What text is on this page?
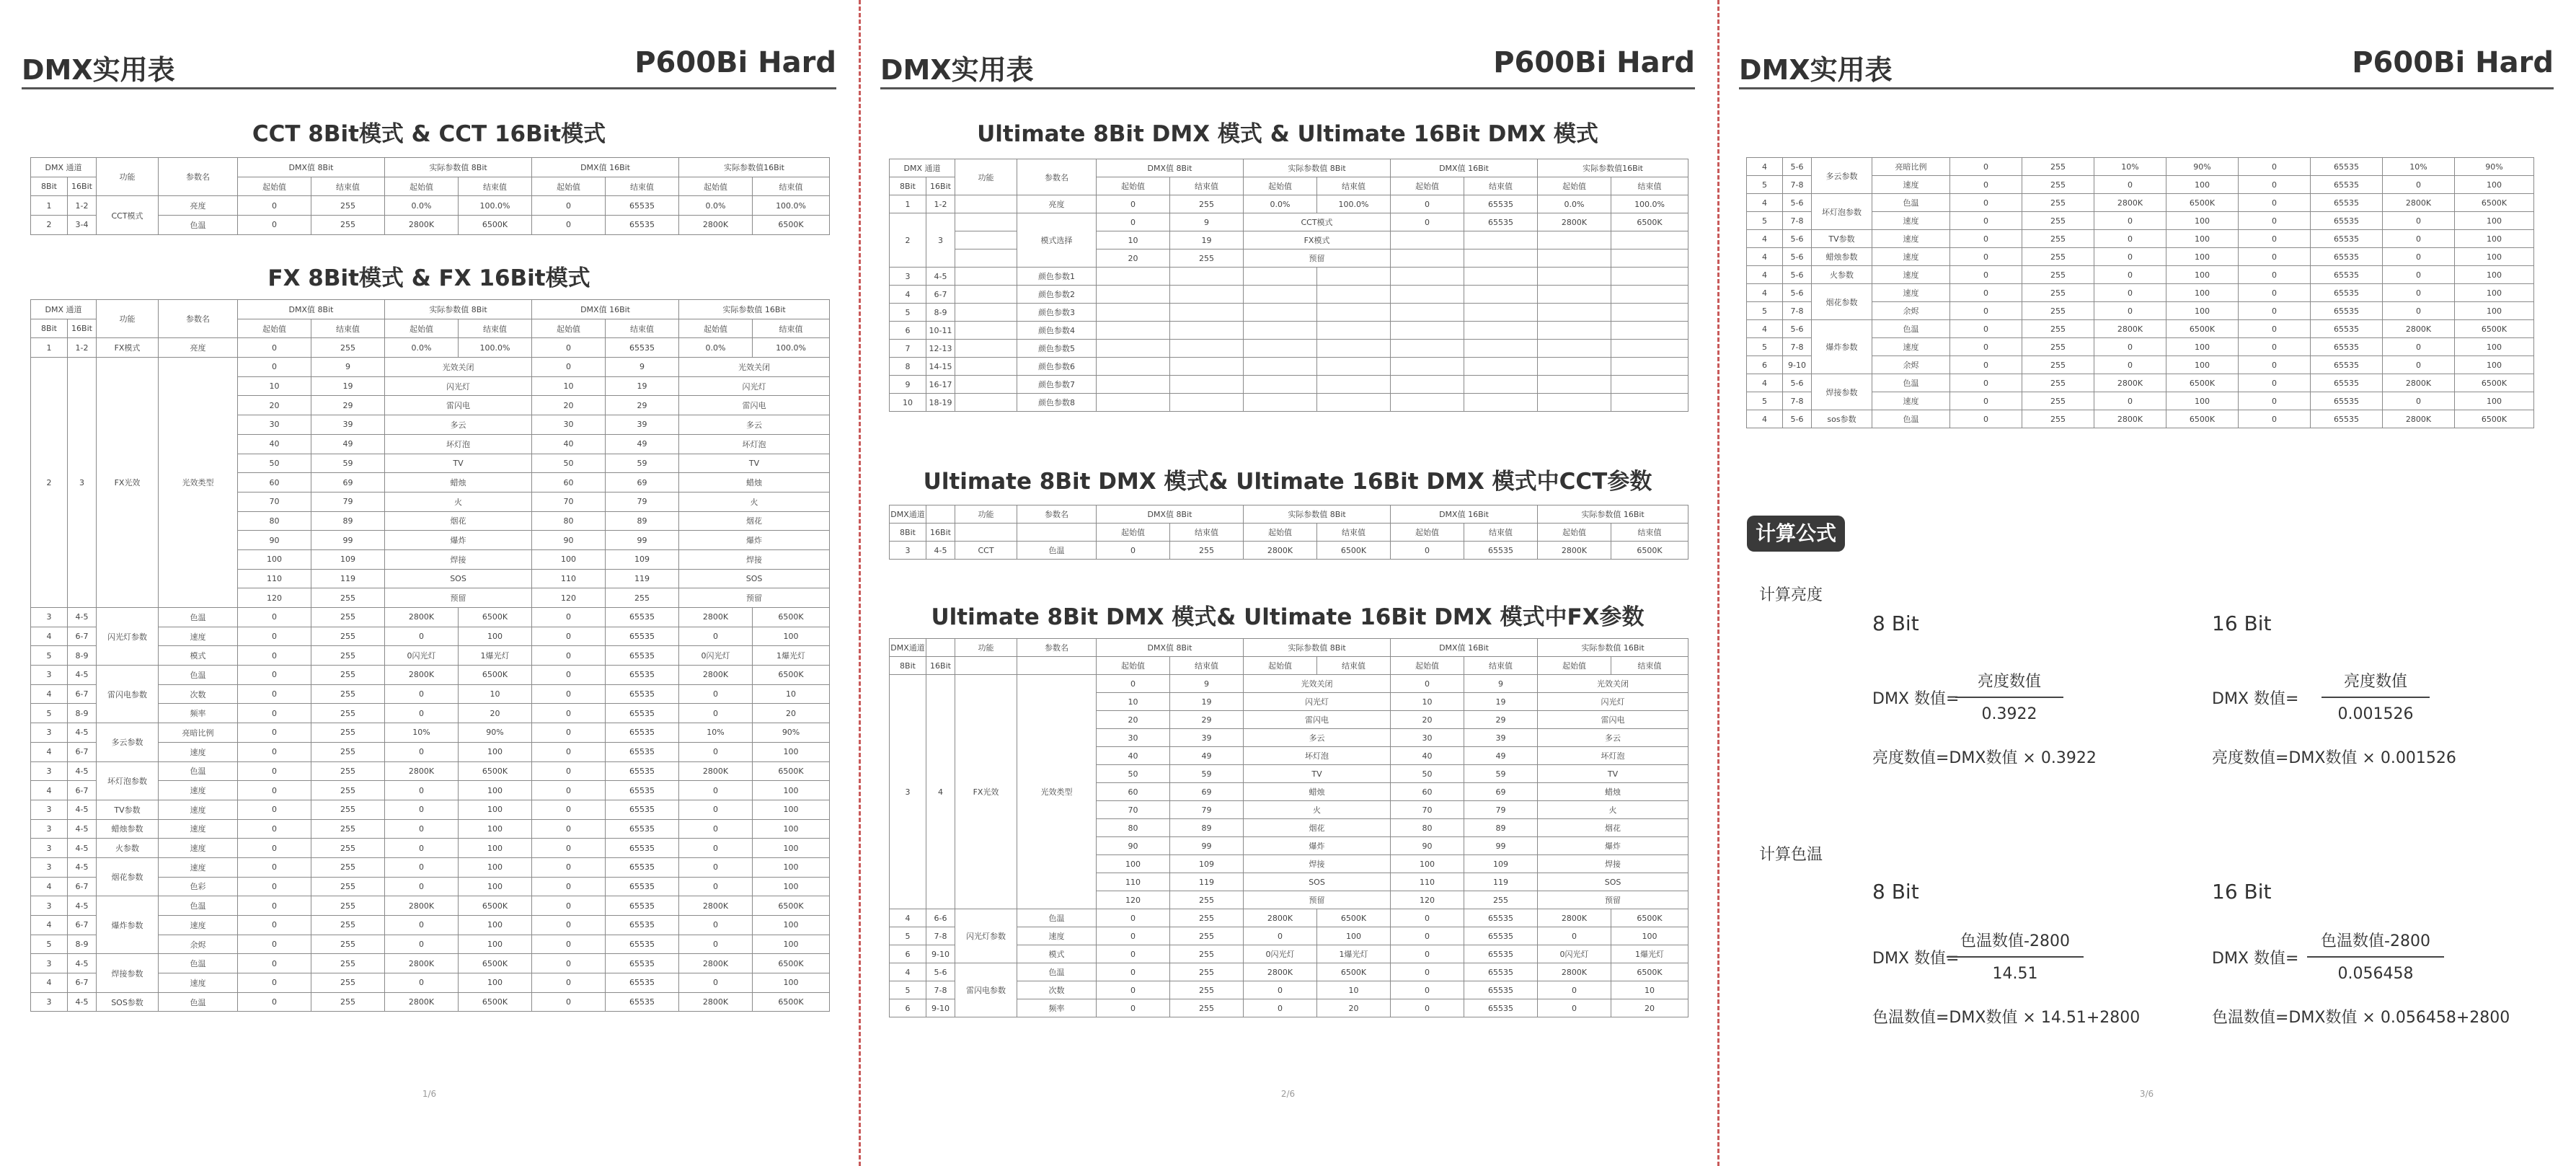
DMX实用表	P600Bi Hard
CCT 8Bit模式 & CCT 16Bit模式
DMX 通道		功能	参数名	DMX值 8Bit		实际参数值 8Bit		DMX值 16Bit		实际参数值16Bit	
8Bit	16Bit			起始值	结束值	起始值	结束值	起始值	结束值	起始值	结束值
1	1-2	CCT模式	亮度	0	255	0.0%	100.0%	0	65535	0.0%	100.0%
2	3-4		色温	0	255	2800K	6500K	0	65535	2800K	6500K
FX 8Bit模式 & FX 16Bit模式
DMX 通道		功能	参数名	DMX值 8Bit		实际参数值 8Bit		DMX值 16Bit		实际参数值 16Bit	
8Bit	16Bit			起始值	结束值	起始值	结束值	起始值	结束值	起始值	结束值
1	1-2	FX模式	亮度	0	255	0.0%	100.0%	0	65535	0.0%	100.0%
2	3	FX光效	光效类型	0	9	光效关闭		0	9	光效关闭	
				10	19	闪光灯		10	19	闪光灯	
				20	29	雷闪电		20	29	雷闪电	
				30	39	多云		30	39	多云	
				40	49	坏灯泡		40	49	坏灯泡	
				50	59	TV		50	59	TV	
				60	69	蜡烛		60	69	蜡烛	
				70	79	火		70	79	火	
				80	89	烟花		80	89	烟花	
				90	99	爆炸		90	99	爆炸	
				100	109	焊接		100	109	焊接	
				110	119	SOS		110	119	SOS	
				120	255	预留		120	255	预留	
3	4-5	闪光灯参数	色温	0	255	2800K	6500K	0	65535	2800K	6500K
4	6-7		速度	0	255	0	100	0	65535	0	100
5	8-9		模式	0	255	0闪光灯	1爆光灯	0	65535	0闪光灯	1爆光灯
3	4-5	雷闪电参数	色温	0	255	2800K	6500K	0	65535	2800K	6500K
4	6-7		次数	0	255	0	10	0	65535	0	10
5	8-9		频率	0	255	0	20	0	65535	0	20
3	4-5	多云参数	亮暗比例	0	255	10%	90%	0	65535	10%	90%
4	6-7		速度	0	255	0	100	0	65535	0	100
3	4-5	坏灯泡参数	色温	0	255	2800K	6500K	0	65535	2800K	6500K
4	6-7		速度	0	255	0	100	0	65535	0	100
3	4-5	TV参数	速度	0	255	0	100	0	65535	0	100
3	4-5	蜡烛参数	速度	0	255	0	100	0	65535	0	100
3	4-5	火参数	速度	0	255	0	100	0	65535	0	100
3	4-5	烟花参数	速度	0	255	0	100	0	65535	0	100
4	6-7		色彩	0	255	0	100	0	65535	0	100
3	4-5	爆炸参数	色温	0	255	2800K	6500K	0	65535	2800K	6500K
4	6-7		速度	0	255	0	100	0	65535	0	100
5	8-9		余烬	0	255	0	100	0	65535	0	100
3	4-5	焊接参数	色温	0	255	2800K	6500K	0	65535	2800K	6500K
4	6-7		速度	0	255	0	100	0	65535	0	100
3	4-5	SOS参数	色温	0	255	2800K	6500K	0	65535	2800K	6500K
1/6
DMX实用表	P600Bi Hard
Ultimate 8Bit DMX 模式 & Ultimate 16Bit DMX 模式
DMX 通道		功能	参数名	DMX值 8Bit		实际参数值 8Bit		DMX值 16Bit		实际参数值16Bit	
8Bit	16Bit			起始值	结束值	起始值	结束值	起始值	结束值	起始值	结束值
1	1-2		亮度	0	255	0.0%	100.0%	0	65535	0.0%	100.0%
2	3		模式选择	0	9	CCT模式		0	65535	2800K	6500K
				10	19	FX模式					
				20	255	预留					
3	4-5		颜色参数1								
4	6-7		颜色参数2								
5	8-9		颜色参数3								
6	10-11		颜色参数4								
7	12-13		颜色参数5								
8	14-15		颜色参数6								
9	16-17		颜色参数7								
10	18-19		颜色参数8								
Ultimate 8Bit DMX 模式& Ultimate 16Bit DMX 模式中CCT参数
DMX通道		功能	参数名	DMX值 8Bit		实际参数值 8Bit		DMX值 16Bit		实际参数值 16Bit	
8Bit	16Bit			起始值	结束值	起始值	结束值	起始值	结束值	起始值	结束值
3	4-5	CCT	色温	0	255	2800K	6500K	0	65535	2800K	6500K
Ultimate 8Bit DMX 模式& Ultimate 16Bit DMX 模式中FX参数
DMX通道		功能	参数名	DMX值 8Bit		实际参数值 8Bit		DMX值 16Bit		实际参数值 16Bit	
8Bit	16Bit			起始值	结束值	起始值	结束值	起始值	结束值	起始值	结束值
3	4	FX光效	光效类型	0	9	光效关闭		0	9	光效关闭	
				10	19	闪光灯		10	19	闪光灯	
				20	29	雷闪电		20	29	雷闪电	
				30	39	多云		30	39	多云	
				40	49	坏灯泡		40	49	坏灯泡	
				50	59	TV		50	59	TV	
				60	69	蜡烛		60	69	蜡烛	
				70	79	火		70	79	火	
				80	89	烟花		80	89	烟花	
				90	99	爆炸		90	99	爆炸	
				100	109	焊接		100	109	焊接	
				110	119	SOS		110	119	SOS	
				120	255	预留		120	255	预留	
4	6-6	闪光灯参数	色温	0	255	2800K	6500K	0	65535	2800K	6500K
5	7-8		速度	0	255	0	100	0	65535	0	100
6	9-10		模式	0	255	0闪光灯	1爆光灯	0	65535	0闪光灯	1爆光灯
4	5-6	雷闪电参数	色温	0	255	2800K	6500K	0	65535	2800K	6500K
5	7-8		次数	0	255	0	10	0	65535	0	10
6	9-10		频率	0	255	0	20	0	65535	0	20
2/6
DMX实用表	P600Bi Hard
4	5-6	多云参数	亮暗比例	0	255	10%	90%	0	65535	10%	90%
5	7-8		速度	0	255	0	100	0	65535	0	100
4	5-6	坏灯泡参数	色温	0	255	2800K	6500K	0	65535	2800K	6500K
5	7-8		速度	0	255	0	100	0	65535	0	100
4	5-6	TV参数	速度	0	255	0	100	0	65535	0	100
4	5-6	蜡烛参数	速度	0	255	0	100	0	65535	0	100
4	5-6	火参数	速度	0	255	0	100	0	65535	0	100
4	5-6	烟花参数	速度	0	255	0	100	0	65535	0	100
5	7-8		余烬	0	255	0	100	0	65535	0	100
4	5-6	爆炸参数	色温	0	255	2800K	6500K	0	65535	2800K	6500K
5	7-8		速度	0	255	0	100	0	65535	0	100
6	9-10		余烬	0	255	0	100	0	65535	0	100
4	5-6	焊接参数	色温	0	255	2800K	6500K	0	65535	2800K	6500K
5	7-8		速度	0	255	0	100	0	65535	0	100
4	5-6	sos参数	色温	0	255	2800K	6500K	0	65535	2800K	6500K
计算公式
计算亮度
8 Bit
DMX 数值=
亮度数值
0.3922
亮度数值=DMX数值 × 0.3922
16 Bit
DMX 数值=
亮度数值
0.001526
亮度数值=DMX数值 × 0.001526
计算色温
8 Bit
DMX 数值=
色温数值-2800
14.51
色温数值=DMX数值 × 14.51+2800
16 Bit
DMX 数值=
色温数值-2800
0.056458
色温数值=DMX数值 × 0.056458+2800
3/6
